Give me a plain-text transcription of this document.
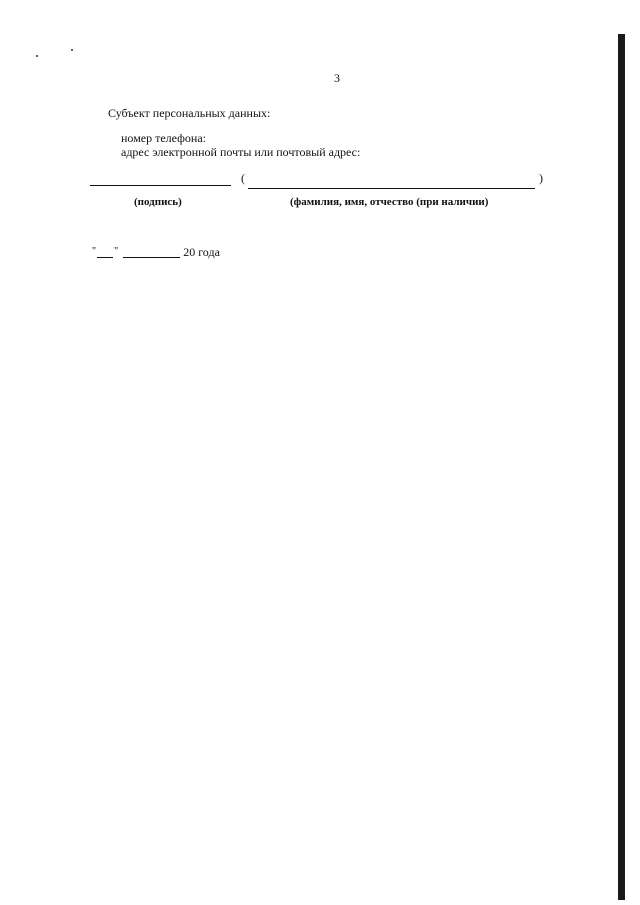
3
Субъект персональных данных:
номер телефона:
адрес электронной почты или почтовый адрес:
(	)
(подпись)	(фамилия, имя, отчество (при наличии)
" "	20 года
